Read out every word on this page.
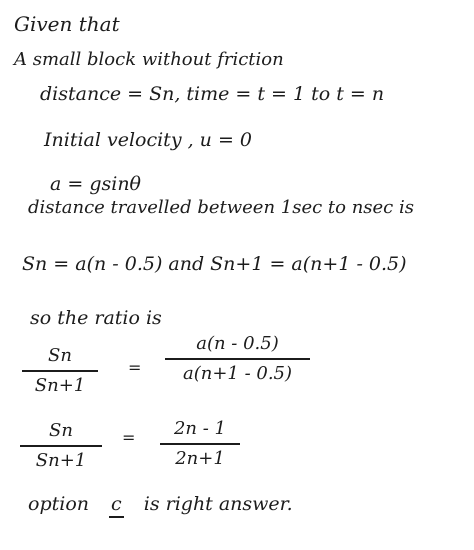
Given that
A small block without friction
distance = Sn, time = t = 1 to t = n
Initial velocity , u = 0
a = gsinθ
distance travelled between 1sec to nsec is
Sn = a(n - 0.5) and Sn+1 = a(n+1 - 0.5)
so the ratio is
Sn
Sn+1
=
a(n - 0.5)
a(n+1 - 0.5)
Sn
Sn+1
=	2n - 1
2n+1
option c is right answer.
